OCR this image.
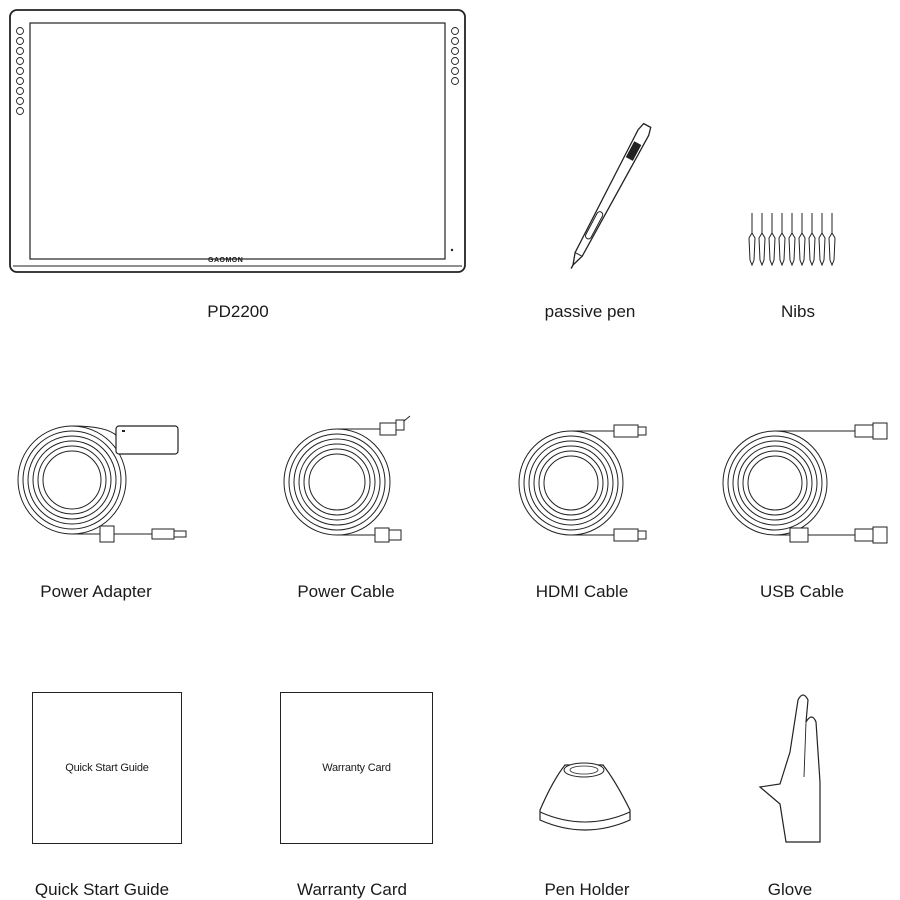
GAOMON
PD2200	passive pen	Nibs
Power Adapter	Power Cable	HDMI Cable	USB Cable
Quick Start Guide
Quick Start Guide
Warranty Card
Warranty Card	Pen Holder	Glove
